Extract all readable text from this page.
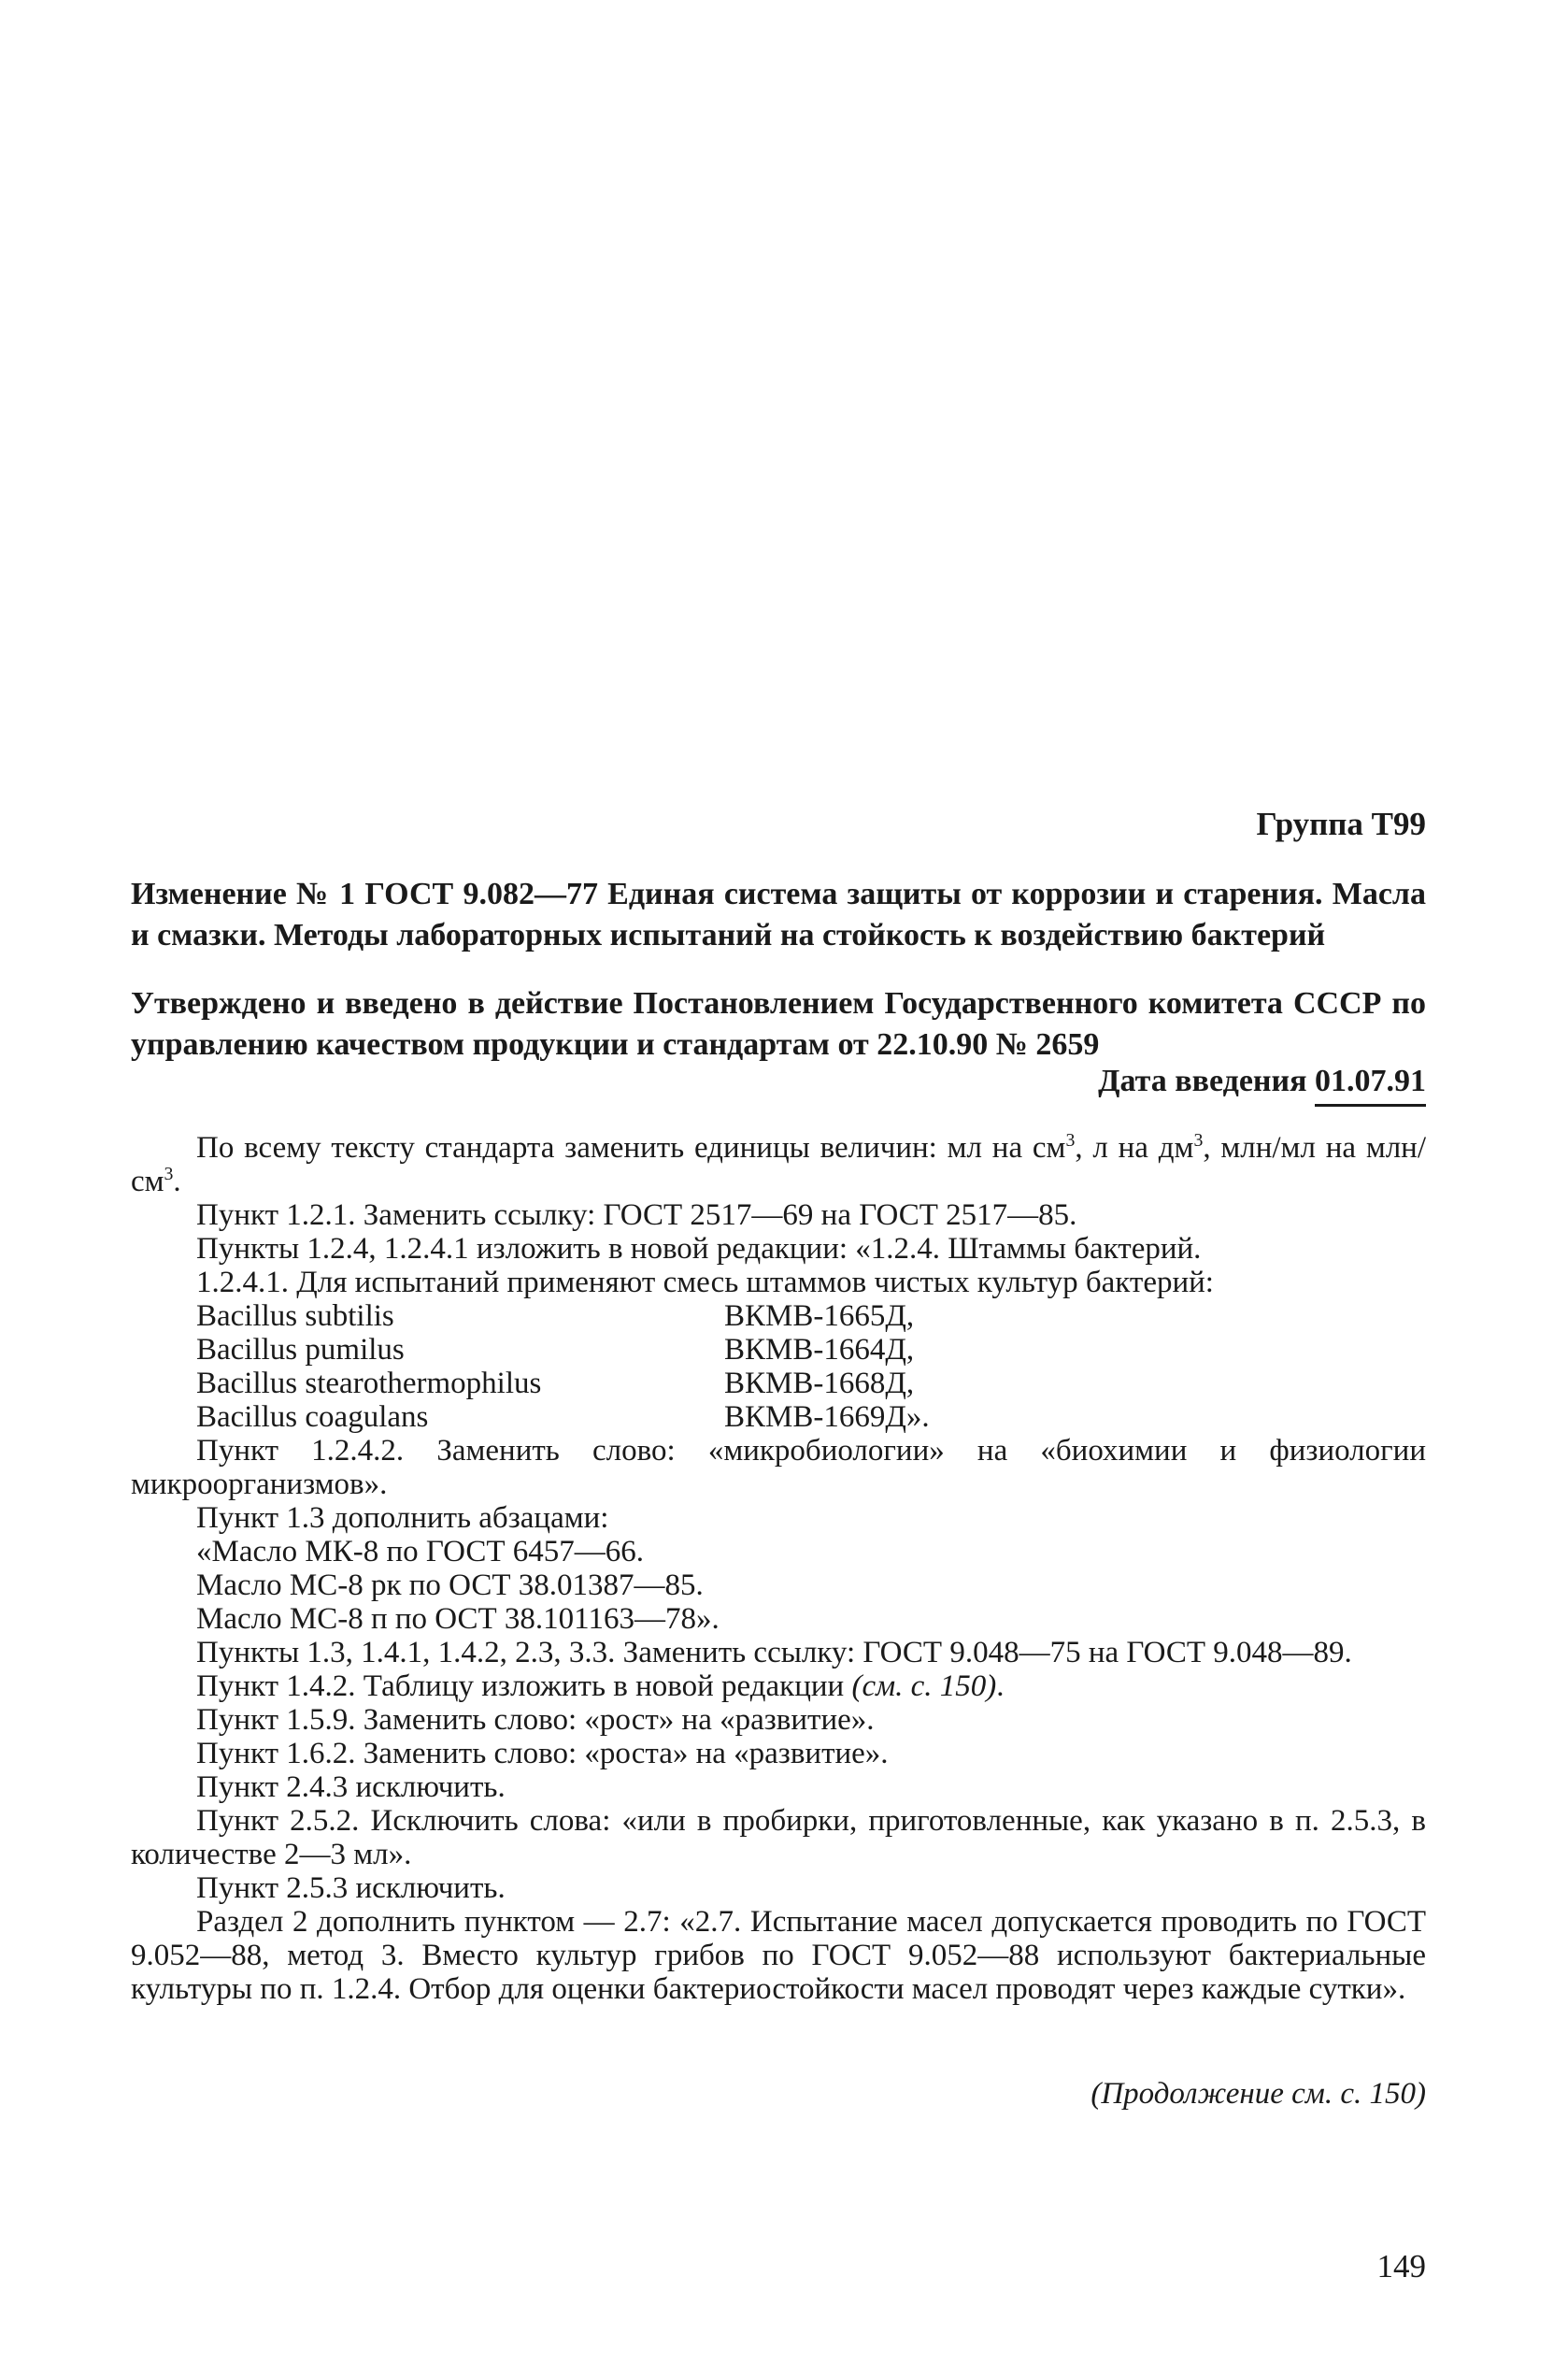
Группа Т99
Изменение № 1 ГОСТ 9.082—77 Единая система защиты от коррозии и старения. Масла и смазки. Методы лабораторных испытаний на стойкость к воздействию бактерий
Утверждено и введено в действие Постановлением Государственного комитета СССР по управлению качеством продукции и стандартам от 22.10.90 № 2659
Дата введения 01.07.91

По всему тексту стандарта заменить единицы величин: мл на $см^3$, л на $дм^3$, млн/мл на млн/$см^3$.

Пункт 1.2.1. Заменить ссылку: ГОСТ 2517—69 на ГОСТ 2517—85.

Пункты 1.2.4, 1.2.4.1 изложить в новой редакции: «1.2.4. Штаммы бактерий.

1.2.4.1. Для испытаний применяют смесь штаммов чистых культур бактерий:

Bacillus subtilis	ВКМВ-1665Д,
Bacillus pumilus	ВКМВ-1664Д,
Bacillus stearothermophilus	ВКМВ-1668Д,
Bacillus coagulans	ВКМВ-1669Д».

Пункт 1.2.4.2. Заменить слово: «микробиологии» на «биохимии и физиологии микроорганизмов».

Пункт 1.3 дополнить абзацами:

«Масло МК-8 по ГОСТ 6457—66.

Масло МС-8 рк по ОСТ 38.01387—85.

Масло МС-8 п по ОСТ 38.101163—78».

Пункты 1.3, 1.4.1, 1.4.2, 2.3, 3.3. Заменить ссылку: ГОСТ 9.048—75 на ГОСТ 9.048—89.

Пункт 1.4.2. Таблицу изложить в новой редакции (см. с. 150).

Пункт 1.5.9. Заменить слово: «рост» на «развитие».

Пункт 1.6.2. Заменить слово: «роста» на «развитие».

Пункт 2.4.3 исключить.

Пункт 2.5.2. Исключить слова: «или в пробирки, приготовленные, как указано в п. 2.5.3, в количестве 2—3 мл».

Пункт 2.5.3 исключить.

Раздел 2 дополнить пунктом — 2.7: «2.7. Испытание масел допускается проводить по ГОСТ 9.052—88, метод 3. Вместо культур грибов по ГОСТ 9.052—88 используют бактериальные культуры по п. 1.2.4. Отбор для оценки бактериостойкости масел проводят через каждые сутки».

(Продолжение см. с. 150)
149
